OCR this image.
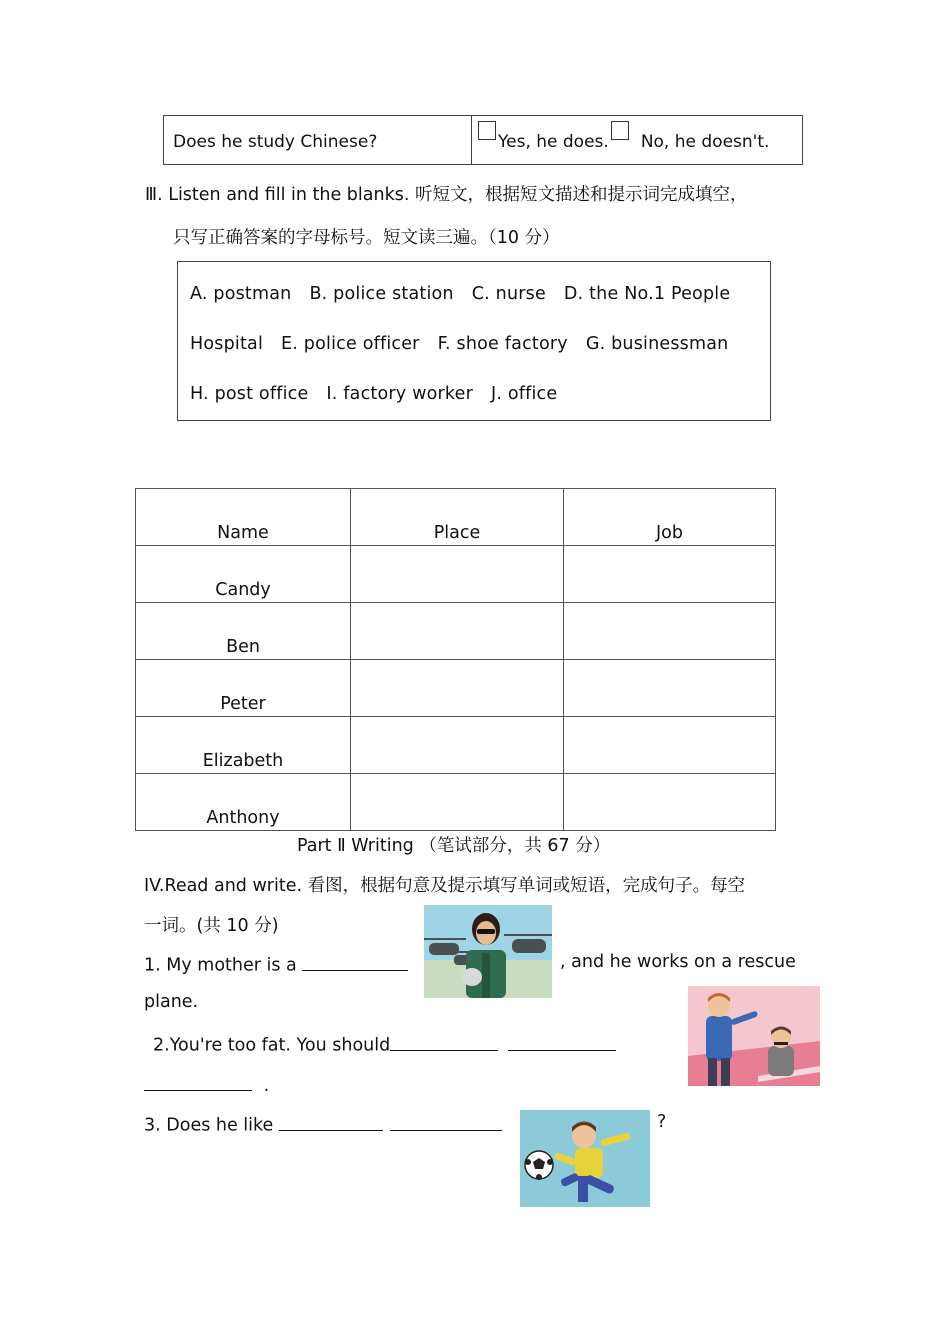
Does he study Chinese?	Yes, he does. No, he doesn't.
Ⅲ. Listen and fill in the blanks. 听短文，根据短文描述和提示词完成填空，
只写正确答案的字母标号。短文读三遍。（10 分）
A. postman B. police station C. nurse D. the No.1 People
Hospital E. police officer F. shoe factory G. businessman
H. post office I. factory worker J. office
Name	Place	Job
Candy		
Ben		
Peter		
Elizabeth		
Anthony		
Part Ⅱ Writing （笔试部分，共 67 分）
IV.Read and write. 看图，根据句意及提示填写单词或短语，完成句子。每空
一词。(共 10 分)
1. My mother is a	, and he works on a rescue
plane.
2.You're too fat. You should
.
3. Does he like	?
